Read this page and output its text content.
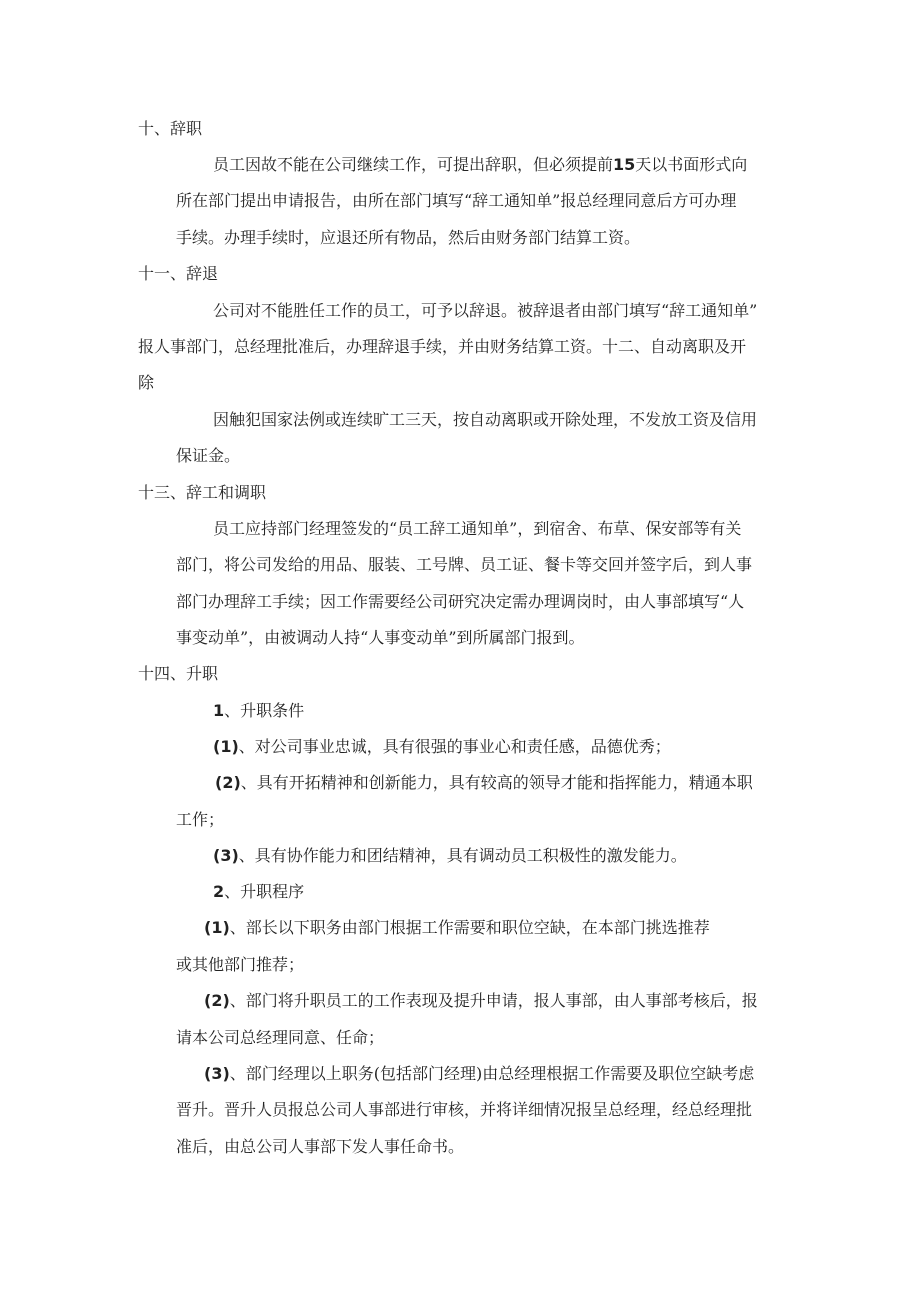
十、辞职
员工因故不能在公司继续工作，可提出辞职，但必须提前15天以书面形式向
所在部门提出申请报告，由所在部门填写“辞工通知单”报总经理同意后方可办理
手续。办理手续时，应退还所有物品，然后由财务部门结算工资。
十一、辞退
公司对不能胜任工作的员工，可予以辞退。被辞退者由部门填写“辞工通知单”
报人事部门，总经理批准后，办理辞退手续，并由财务结算工资。十二、自动离职及开
除
因触犯国家法例或连续旷工三天，按自动离职或开除处理，不发放工资及信用
保证金。
十三、辞工和调职
员工应持部门经理签发的“员工辞工通知单”，到宿舍、布草、保安部等有关
部门，将公司发给的用品、服装、工号牌、员工证、餐卡等交回并签字后，到人事
部门办理辞工手续；因工作需要经公司研究决定需办理调岗时，由人事部填写“人
事变动单”，由被调动人持“人事变动单”到所属部门报到。
十四、升职
1、升职条件
(1)、对公司事业忠诚，具有很强的事业心和责任感，品德优秀；
(2)、具有开拓精神和创新能力，具有较高的领导才能和指挥能力，精通本职
工作；
(3)、具有协作能力和团结精神，具有调动员工积极性的激发能力。
2、升职程序
(1)、部长以下职务由部门根据工作需要和职位空缺，在本部门挑选推荐
或其他部门推荐；
(2)、部门将升职员工的工作表现及提升申请，报人事部，由人事部考核后，报
请本公司总经理同意、任命；
(3)、部门经理以上职务(包括部门经理)由总经理根据工作需要及职位空缺考虑
晋升。晋升人员报总公司人事部进行审核，并将详细情况报呈总经理，经总经理批
准后，由总公司人事部下发人事任命书。
